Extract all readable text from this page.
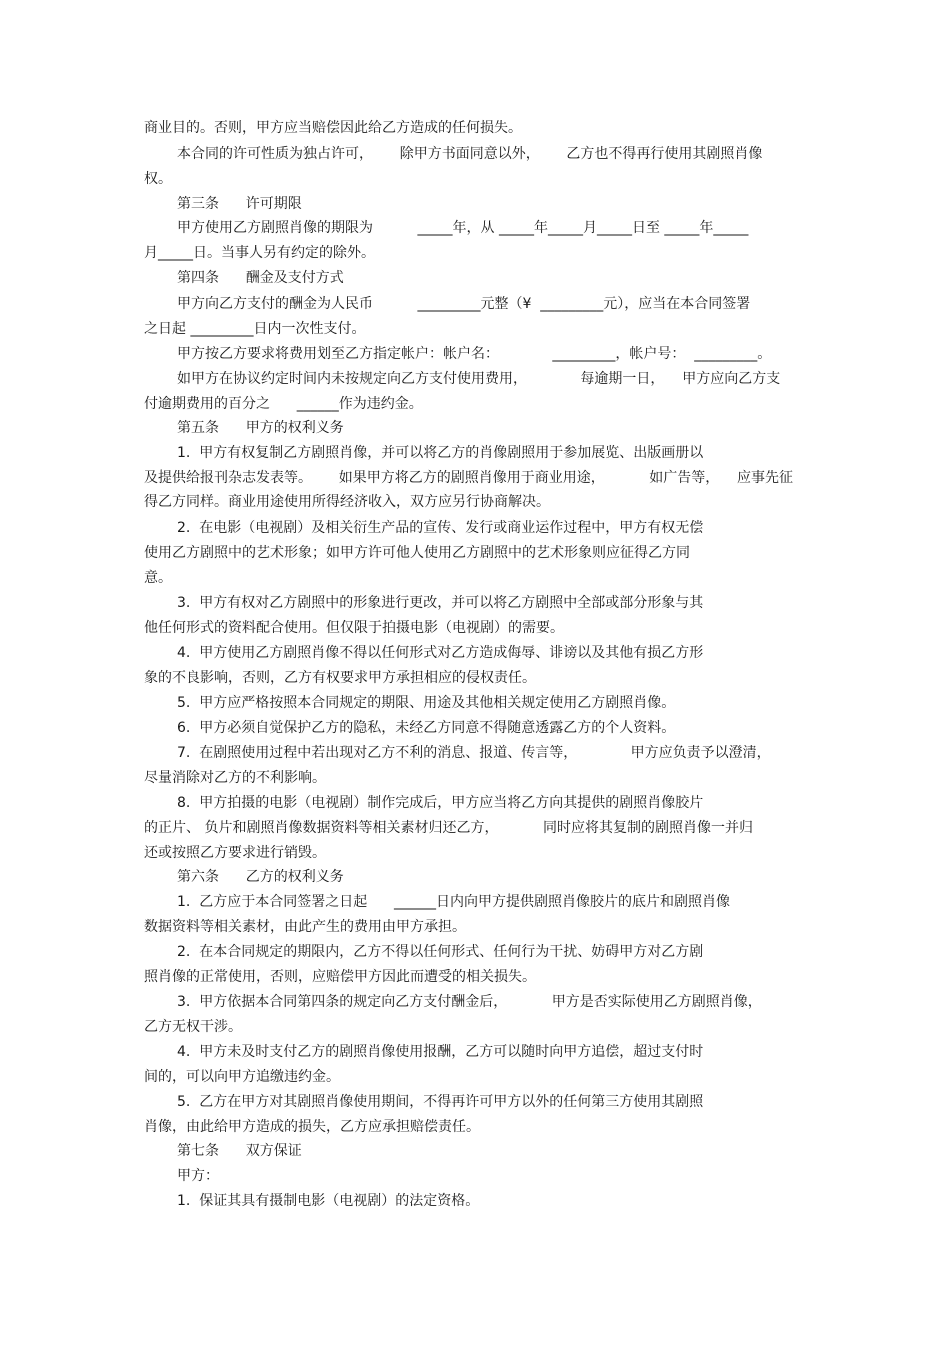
商业目的。否则，甲方应当赔偿因此给乙方造成的任何损失。
本合同的许可性质为独占许可，      除甲方书面同意以外，      乙方也不得再行使用其剧照肖像
权。
第三条      许可期限
甲方使用乙方剧照肖像的期限为          _____年，从 _____年_____月_____日至 _____年_____
月_____日。当事人另有约定的除外。
第四条      酬金及支付方式
甲方向乙方支付的酬金为人民币          _________元整（¥  _________元），应当在本合同签署
之日起 _________日内一次性支付。
甲方按乙方要求将费用划至乙方指定帐户：帐户名：            _________，帐户号：  _________。
如甲方在协议约定时间内未按规定向乙方支付使用费用，            每逾期一日，    甲方应向乙方支
付逾期费用的百分之      ______作为违约金。
第五条      甲方的权利义务
1.  甲方有权复制乙方剧照肖像，并可以将乙方的肖像剧照用于参加展览、出版画册以
及提供给报刊杂志发表等。      如果甲方将乙方的剧照肖像用于商业用途，          如广告等，    应事先征
得乙方同样。商业用途使用所得经济收入，双方应另行协商解决。
2.  在电影（电视剧）及相关衍生产品的宣传、发行或商业运作过程中，甲方有权无偿
使用乙方剧照中的艺术形象；如甲方许可他人使用乙方剧照中的艺术形象则应征得乙方同
意。
3.  甲方有权对乙方剧照中的形象进行更改，并可以将乙方剧照中全部或部分形象与其
他任何形式的资料配合使用。但仅限于拍摄电影（电视剧）的需要。
4.  甲方使用乙方剧照肖像不得以任何形式对乙方造成侮辱、诽谤以及其他有损乙方形
象的不良影响，否则，乙方有权要求甲方承担相应的侵权责任。
5.  甲方应严格按照本合同规定的期限、用途及其他相关规定使用乙方剧照肖像。
6.  甲方必须自觉保护乙方的隐私，未经乙方同意不得随意透露乙方的个人资料。
7.  在剧照使用过程中若出现对乙方不利的消息、报道、传言等，            甲方应负责予以澄清，
尽量消除对乙方的不利影响。
8.  甲方拍摄的电影（电视剧）制作完成后，甲方应当将乙方向其提供的剧照肖像胶片
的正片、 负片和剧照肖像数据资料等相关素材归还乙方，          同时应将其复制的剧照肖像一并归
还或按照乙方要求进行销毁。
第六条      乙方的权利义务
1.  乙方应于本合同签署之日起      ______日内向甲方提供剧照肖像胶片的底片和剧照肖像
数据资料等相关素材，由此产生的费用由甲方承担。
2.  在本合同规定的期限内，乙方不得以任何形式、任何行为干扰、妨碍甲方对乙方剧
照肖像的正常使用，否则，应赔偿甲方因此而遭受的相关损失。
3.  甲方依据本合同第四条的规定向乙方支付酬金后，          甲方是否实际使用乙方剧照肖像，
乙方无权干涉。
4.  甲方未及时支付乙方的剧照肖像使用报酬，乙方可以随时向甲方追偿，超过支付时
间的，可以向甲方追缴违约金。
5.  乙方在甲方对其剧照肖像使用期间，不得再许可甲方以外的任何第三方使用其剧照
肖像，由此给甲方造成的损失，乙方应承担赔偿责任。
第七条      双方保证
甲方：
1.  保证其具有摄制电影（电视剧）的法定资格。
